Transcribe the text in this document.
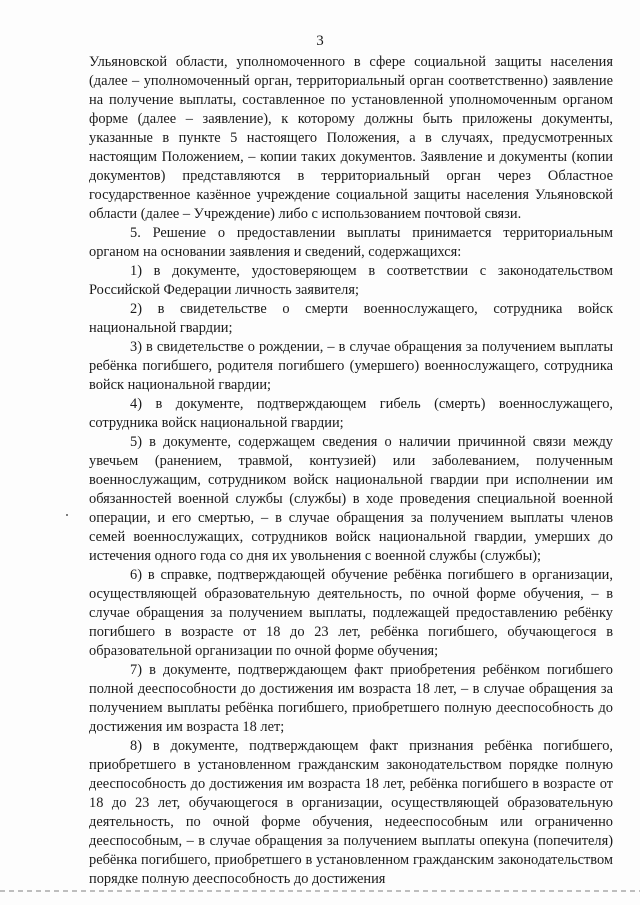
3

Ульяновской области, уполномоченного в сфере социальной защиты населения (далее – уполномоченный орган, территориальный орган соответственно) заявление на получение выплаты, составленное по установленной уполномоченным органом форме (далее – заявление), к которому должны быть приложены документы, указанные в пункте 5 настоящего Положения, а в случаях, предусмотренных настоящим Положением, – копии таких документов. Заявление и документы (копии документов) представляются в территориальный орган через Областное государственное казённое учреждение социальной защиты населения Ульяновской области (далее – Учреждение) либо с использованием почтовой связи.

5. Решение о предоставлении выплаты принимается территориальным органом на основании заявления и сведений, содержащихся:

1) в документе, удостоверяющем в соответствии с законодательством Российской Федерации личность заявителя;

2) в свидетельстве о смерти военнослужащего, сотрудника войск национальной гвардии;

3) в свидетельстве о рождении, – в случае обращения за получением выплаты ребёнка погибшего, родителя погибшего (умершего) военнослужащего, сотрудника войск национальной гвардии;

4) в документе, подтверждающем гибель (смерть) военнослужащего, сотрудника войск национальной гвардии;

5) в документе, содержащем сведения о наличии причинной связи между увечьем (ранением, травмой, контузией) или заболеванием, полученным военнослужащим, сотрудником войск национальной гвардии при исполнении им обязанностей военной службы (службы) в ходе проведения специальной военной операции, и его смертью, – в случае обращения за получением выплаты членов семей военнослужащих, сотрудников войск национальной гвардии, умерших до истечения одного года со дня их увольнения с военной службы (службы);

6) в справке, подтверждающей обучение ребёнка погибшего в организации, осуществляющей образовательную деятельность, по очной форме обучения, – в случае обращения за получением выплаты, подлежащей предоставлению ребёнку погибшего в возрасте от 18 до 23 лет, ребёнка погибшего, обучающегося в образовательной организации по очной форме обучения;

7) в документе, подтверждающем факт приобретения ребёнком погибшего полной дееспособности до достижения им возраста 18 лет, – в случае обращения за получением выплаты ребёнка погибшего, приобретшего полную дееспособность до достижения им возраста 18 лет;

8) в документе, подтверждающем факт признания ребёнка погибшего, приобретшего в установленном гражданским законодательством порядке полную дееспособность до достижения им возраста 18 лет, ребёнка погибшего в возрасте от 18 до 23 лет, обучающегося в организации, осуществляющей образовательную деятельность, по очной форме обучения, недееспособным или ограниченно дееспособным, – в случае обращения за получением выплаты опекуна (попечителя) ребёнка погибшего, приобретшего в установленном гражданским законодательством порядке полную дееспособность до достижения
